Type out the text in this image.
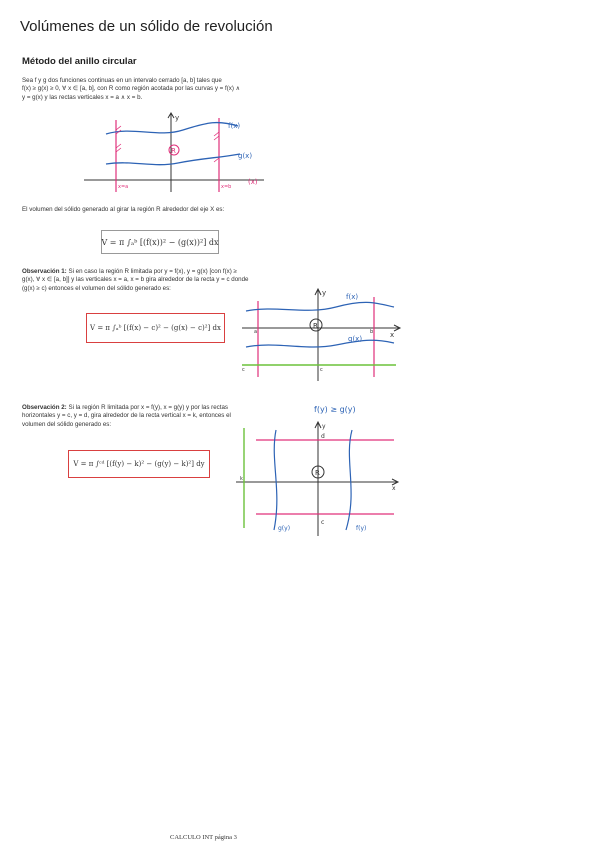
Volúmenes de un sólido de revolución
Método del anillo circular
Sea f y g dos funciones continuas en un intervalo cerrado [a, b] tales que
f(x) ≥ g(x) ≥ 0, ∀ x ∈ [a, b], con R como región acotada por las curvas y = f(x) ∧
y = g(x) y las rectas verticales x = a ∧ x = b.
y
R
f(x)
g(x)
x=a	x=b
(x)
El volumen del sólido generado al girar la región R alrededor del eje X es:
V = π ∫ₐᵇ [(f(x))² − (g(x))²] dx
Observación 1: Si en caso la región R limitada por y = f(x), y = g(x) [con f(x) ≥
g(x), ∀ x ∈ [a, b]] y las verticales x = a, x = b gira alrededor de la recta y = c donde
(g(x) ≥ c) entonces el volumen del sólido generado es:
V = π ∫ₐᵇ [(f(x) − c)² − (g(x) − c)²] dx
x
y
R
f(x)
g(x)
a	b
c
c
Observación 2: Si la región R limitada por x = f(y), x = g(y) y por las rectas
horizontales y = c, y = d, gira alrededor de la recta vertical x = k, entonces el
volumen del sólido generado es:
V = π ∫ᶜᵈ [(f(y) − k)² − (g(y) − k)²] dy
f(y) ≥ g(y)
x
y
R
d
c
k
g(y)	f(y)
CALCULO INT página 3
